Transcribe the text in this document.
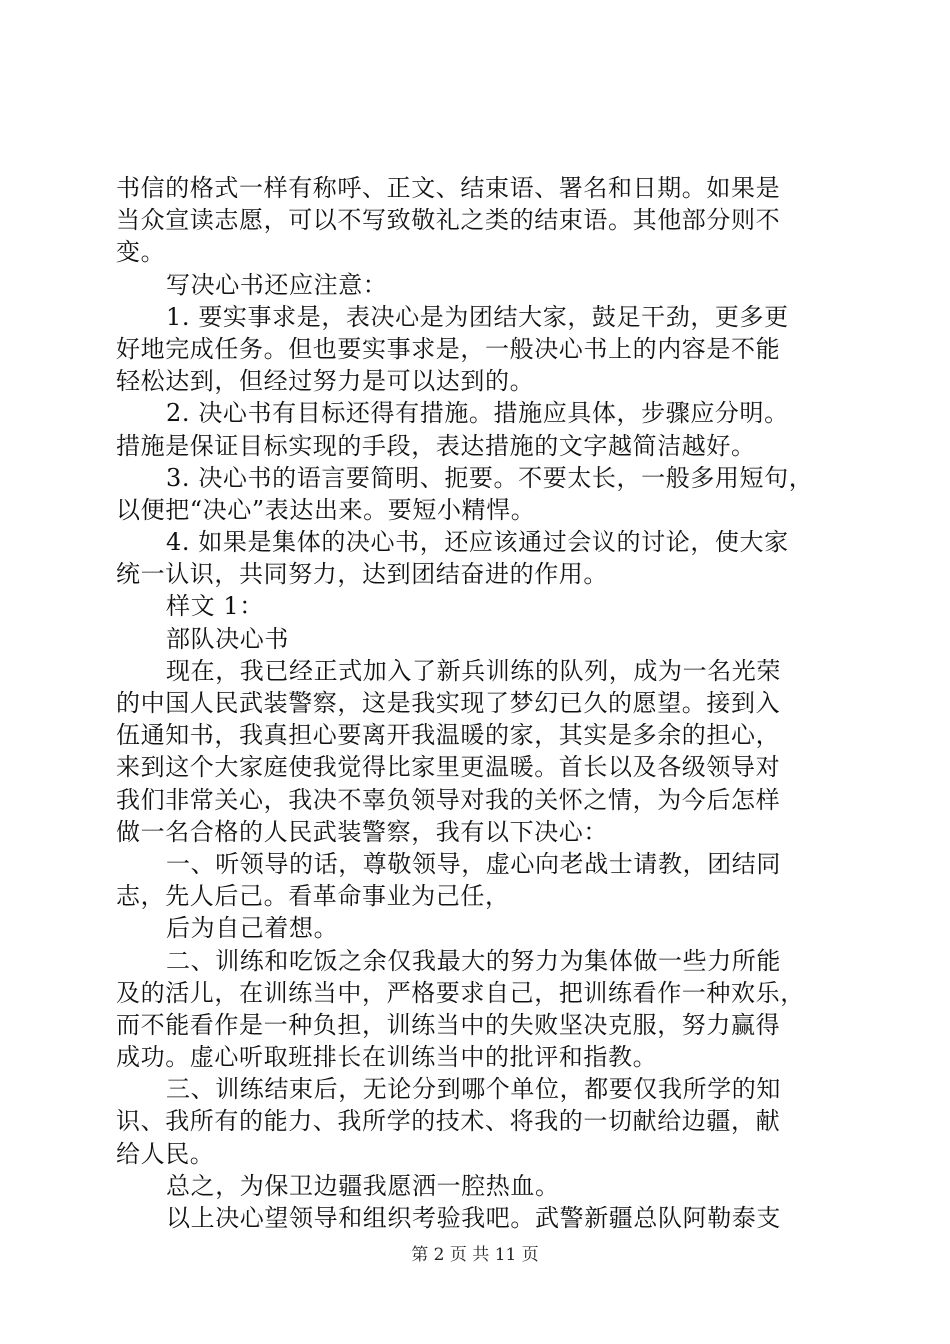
书信的格式一样有称呼、正文、结束语、署名和日期。如果是
当众宣读志愿，可以不写致敬礼之类的结束语。其他部分则不
变。
写决心书还应注意：
1. 要实事求是，表决心是为团结大家，鼓足干劲，更多更
好地完成任务。但也要实事求是，一般决心书上的内容是不能
轻松达到，但经过努力是可以达到的。
2. 决心书有目标还得有措施。措施应具体，步骤应分明。
措施是保证目标实现的手段，表达措施的文字越简洁越好。
3. 决心书的语言要简明、扼要。不要太长，一般多用短句，
以便把“决心”表达出来。要短小精悍。
4. 如果是集体的决心书，还应该通过会议的讨论，使大家
统一认识，共同努力，达到团结奋进的作用。
样文 1：
部队决心书
现在，我已经正式加入了新兵训练的队列，成为一名光荣
的中国人民武装警察，这是我实现了梦幻已久的愿望。接到入
伍通知书，我真担心要离开我温暖的家，其实是多余的担心，
来到这个大家庭使我觉得比家里更温暖。首长以及各级领导对
我们非常关心，我决不辜负领导对我的关怀之情，为今后怎样
做一名合格的人民武装警察，我有以下决心：
一、听领导的话，尊敬领导，虚心向老战士请教，团结同
志，先人后己。看革命事业为己任，
后为自己着想。
二、训练和吃饭之余仅我最大的努力为集体做一些力所能
及的活儿，在训练当中，严格要求自己，把训练看作一种欢乐，
而不能看作是一种负担，训练当中的失败坚决克服，努力赢得
成功。虚心听取班排长在训练当中的批评和指教。
三、训练结束后，无论分到哪个单位，都要仅我所学的知
识、我所有的能力、我所学的技术、将我的一切献给边疆，献
给人民。
总之，为保卫边疆我愿洒一腔热血。
以上决心望领导和组织考验我吧。武警新疆总队阿勒泰支
第 2 页 共 11 页
